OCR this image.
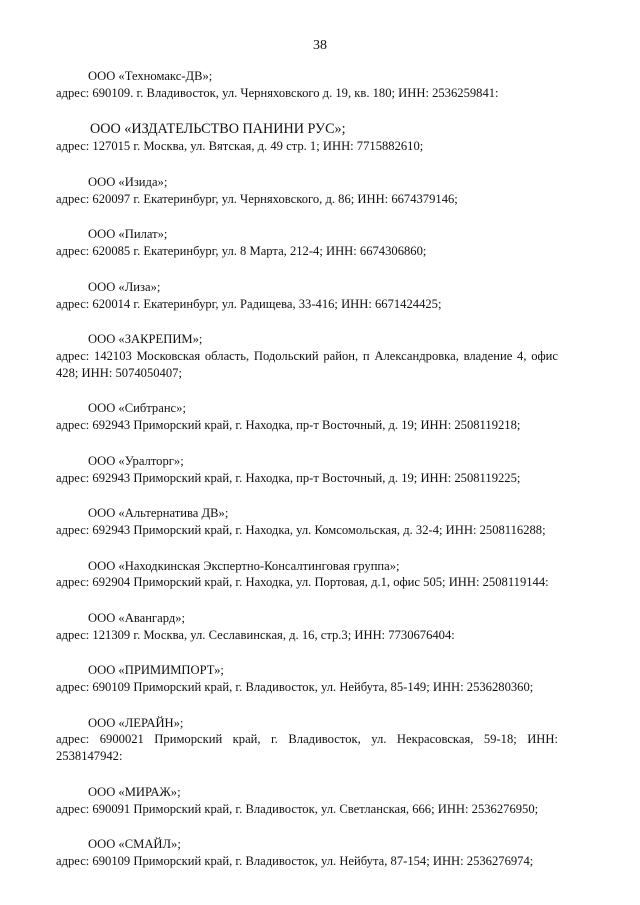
38
ООО «Техномакс-ДВ»;
адрес: 690109. г. Владивосток, ул. Черняховского д. 19, кв. 180; ИНН: 2536259841:
ООО «ИЗДАТЕЛЬСТВО ПАНИНИ РУС»;
адрес: 127015 г. Москва, ул. Вятская, д. 49 стр. 1; ИНН: 7715882610;
ООО «Изида»;
адрес: 620097 г. Екатеринбург, ул. Черняховского, д. 86; ИНН: 6674379146;
ООО «Пилат»;
адрес: 620085 г. Екатеринбург, ул. 8 Марта, 212-4; ИНН: 6674306860;
ООО «Лиза»;
адрес: 620014 г. Екатеринбург, ул. Радищева, 33-416; ИНН: 6671424425;
ООО «ЗАКРЕПИМ»;
адрес: 142103 Московская область, Подольский район, п Александровка, владение 4, офис 428; ИНН: 5074050407;
ООО «Сибтранс»;
адрес: 692943 Приморский край, г. Находка, пр-т Восточный, д. 19; ИНН: 2508119218;
ООО «Уралторг»;
адрес: 692943 Приморский край, г. Находка, пр-т Восточный, д. 19; ИНН: 2508119225;
ООО «Альтернатива ДВ»;
адрес: 692943 Приморский край, г. Находка, ул. Комсомольская, д. 32-4; ИНН: 2508116288;
ООО «Находкинская Экспертно-Консалтинговая группа»;
адрес: 692904 Приморский край, г. Находка, ул. Портовая, д.1, офис 505; ИНН: 2508119144:
ООО «Авангард»;
адрес: 121309 г. Москва, ул. Сеславинская, д. 16, стр.3; ИНН: 7730676404:
ООО «ПРИМИМПОРТ»;
адрес: 690109 Приморский край, г. Владивосток, ул. Нейбута, 85-149; ИНН: 2536280360;
ООО «ЛЕРАЙН»;
адрес: 6900021 Приморский край, г. Владивосток, ул. Некрасовская, 59-18; ИНН: 2538147942:
ООО «МИРАЖ»;
адрес: 690091 Приморский край, г. Владивосток, ул. Светланская, 666; ИНН: 2536276950;
ООО «СМАЙЛ»;
адрес: 690109 Приморский край, г. Владивосток, ул. Нейбута, 87-154; ИНН: 2536276974;
